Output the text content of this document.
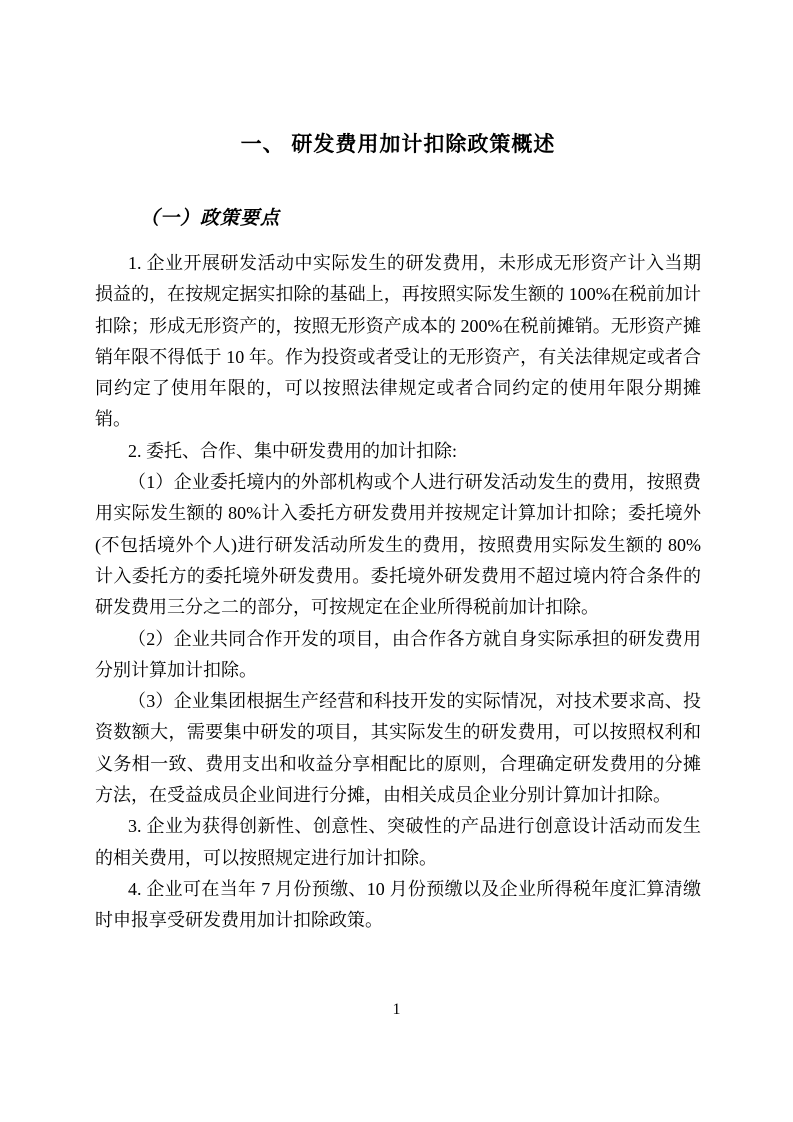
一、 研发费用加计扣除政策概述
（一）政策要点

1. 企业开展研发活动中实际发生的研发费用，未形成无形资产计入当期损益的，在按规定据实扣除的基础上，再按照实际发生额的 100%在税前加计扣除；形成无形资产的，按照无形资产成本的 200%在税前摊销。无形资产摊销年限不得低于 10 年。作为投资或者受让的无形资产，有关法律规定或者合同约定了使用年限的，可以按照法律规定或者合同约定的使用年限分期摊销。

2. 委托、合作、集中研发费用的加计扣除:

（1）企业委托境内的外部机构或个人进行研发活动发生的费用，按照费用实际发生额的 80%计入委托方研发费用并按规定计算加计扣除；委托境外(不包括境外个人)进行研发活动所发生的费用，按照费用实际发生额的 80%计入委托方的委托境外研发费用。委托境外研发费用不超过境内符合条件的研发费用三分之二的部分，可按规定在企业所得税前加计扣除。

（2）企业共同合作开发的项目，由合作各方就自身实际承担的研发费用分别计算加计扣除。

（3）企业集团根据生产经营和科技开发的实际情况，对技术要求高、投资数额大，需要集中研发的项目，其实际发生的研发费用，可以按照权利和义务相一致、费用支出和收益分享相配比的原则，合理确定研发费用的分摊方法，在受益成员企业间进行分摊，由相关成员企业分别计算加计扣除。

3. 企业为获得创新性、创意性、突破性的产品进行创意设计活动而发生的相关费用，可以按照规定进行加计扣除。

4. 企业可在当年 7 月份预缴、10 月份预缴以及企业所得税年度汇算清缴时申报享受研发费用加计扣除政策。

1
